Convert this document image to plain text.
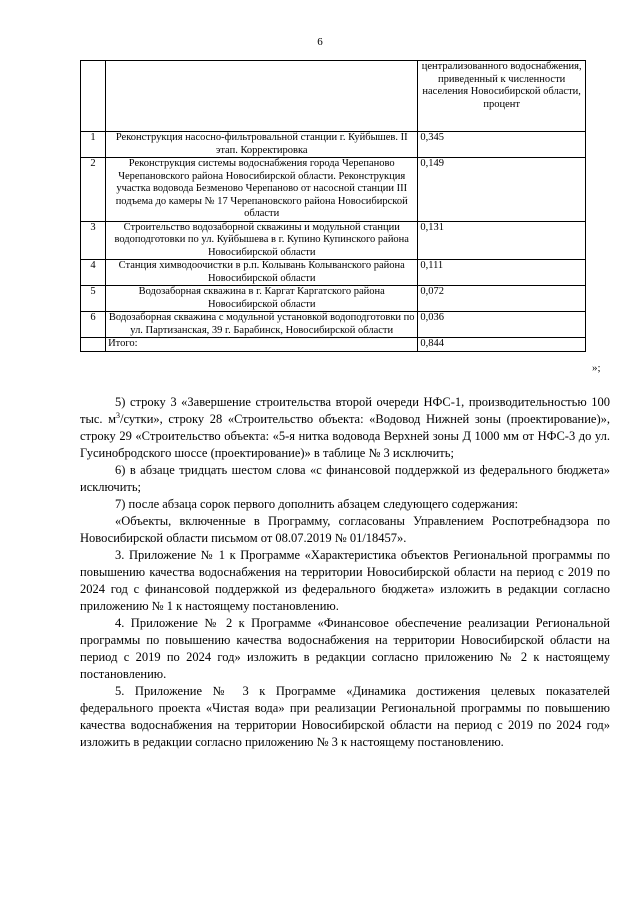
6
		централизованного водоснабжения, приведенный к численности населения Новосибирской области, процент
1	Реконструкция насосно-фильтровальной станции г. Куйбышев. II этап. Корректировка	0,345
2	Реконструкция системы водоснабжения города Черепаново Черепановского района Новосибирской области. Реконструкция участка водовода Безменово Черепаново от насосной станции III подъема до камеры № 17 Черепановского района Новосибирской области	0,149
3	Строительство водозаборной скважины и модульной станции водоподготовки по ул. Куйбышева в г. Купино Купинского района Новосибирской области	0,131
4	Станция химводоочистки в р.п. Колывань Колыванского района Новосибирской области	0,111
5	Водозаборная скважина в г. Каргат Каргатского района Новосибирской области	0,072
6	Водозаборная скважина с модульной установкой водоподготовки по ул. Партизанская, 39 г. Барабинск, Новосибирской области	0,036
	Итого:	0,844
»;

5) строку 3 «Завершение строительства второй очереди НФС-1, производительностью 100 тыс. $м^3$/сутки», строку 28 «Строительство объекта: «Водовод Нижней зоны (проектирование)», строку 29 «Строительство объекта: «5-я нитка водовода Верхней зоны Д 1000 мм от НФС-3 до ул. Гусинобродского шоссе (проектирование)» в таблице № 3 исключить;

6) в абзаце тридцать шестом слова «с финансовой поддержкой из федерального бюджета» исключить;

7) после абзаца сорок первого дополнить абзацем следующего содержания:

«Объекты, включенные в Программу, согласованы Управлением Роспотребнадзора по Новосибирской области письмом от 08.07.2019 № 01/18457».

3. Приложение № 1 к Программе «Характеристика объектов Региональной программы по повышению качества водоснабжения на территории Новосибирской области на период с 2019 по 2024 год с финансовой поддержкой из федерального бюджета» изложить в редакции согласно приложению № 1 к настоящему постановлению.

4. Приложение № 2 к Программе «Финансовое обеспечение реализации Региональной программы по повышению качества водоснабжения на территории Новосибирской области на период с 2019 по 2024 год» изложить в редакции согласно приложению № 2 к настоящему постановлению.

5. Приложение № 3 к Программе «Динамика достижения целевых показателей федерального проекта «Чистая вода» при реализации Региональной программы по повышению качества водоснабжения на территории Новосибирской области на период с 2019 по 2024 год» изложить в редакции согласно приложению № 3 к настоящему постановлению.
